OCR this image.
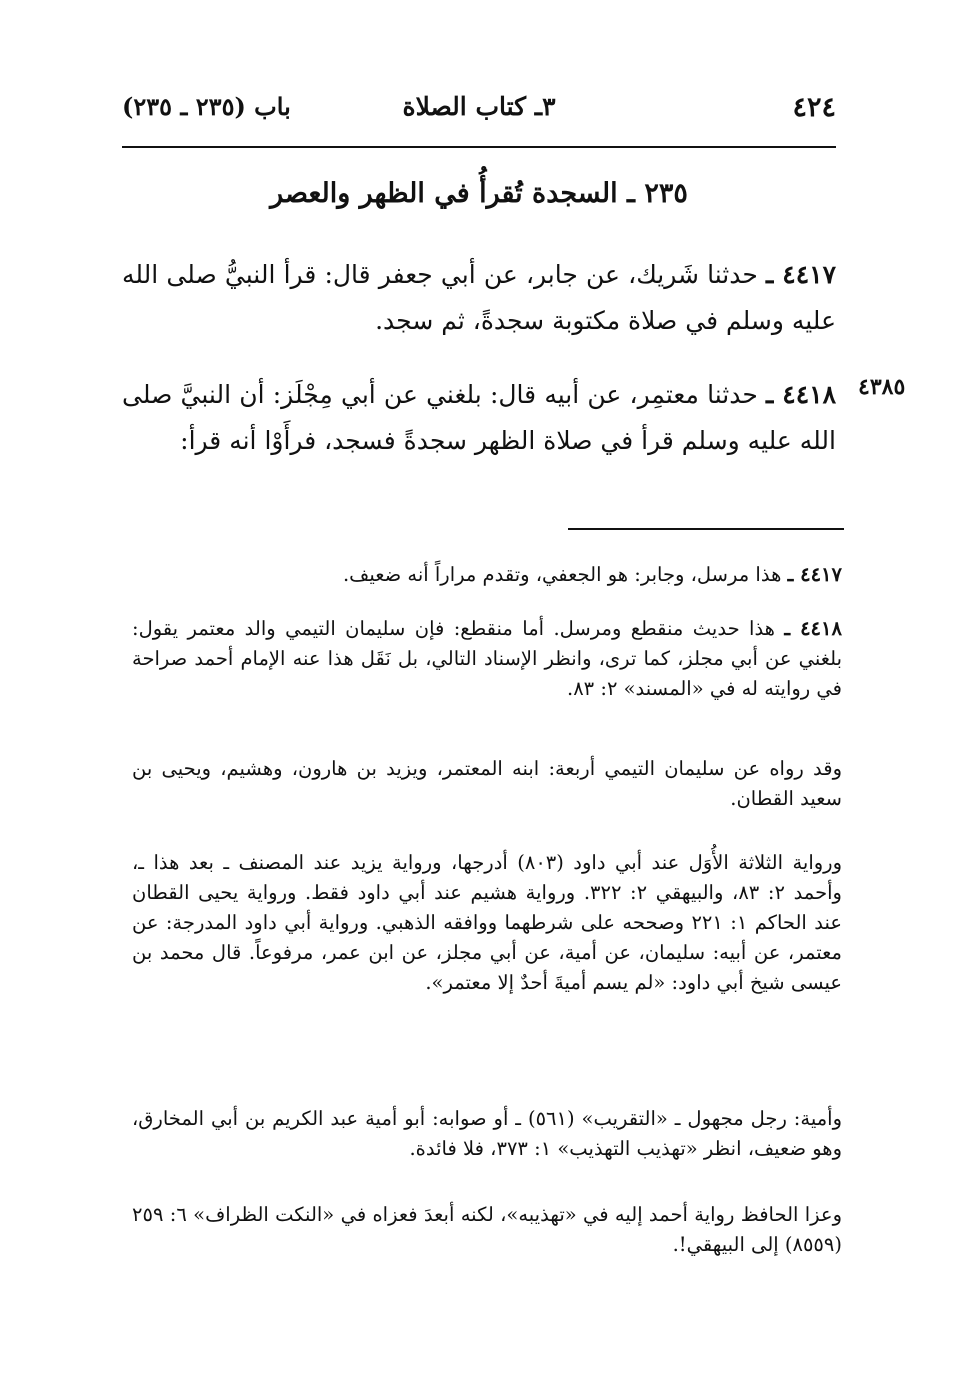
٤٢٤
٣ـ كتاب الصلاة
باب (٢٣٥ ـ ٢٣٥)
٢٣٥ ـ السجدة تُقرأُ في الظهر والعصر
٤٤١٧ ـ حدثنا شَريك، عن جابر، عن أبي جعفر قال: قرأ النبيُّ صلى الله عليه وسلم في صلاة مكتوبة سجدةً، ثم سجد.
٤٤١٨ ـ حدثنا معتمِر، عن أبيه قال: بلغني عن أبي مِجْلَز: أن النبيَّ صلى الله عليه وسلم قرأ في صلاة الظهر سجدةً فسجد، فرأَوْا أنه قرأ:
٤٣٨٥
٤٤١٧ ـ هذا مرسل، وجابر: هو الجعفي، وتقدم مراراً أنه ضعيف.
٤٤١٨ ـ هذا حديث منقطع ومرسل. أما منقطع: فإن سليمان التيمي والد معتمر يقول: بلغني عن أبي مجلز، كما ترى، وانظر الإسناد التالي، بل نَقَل هذا عنه الإمام أحمد صراحة في روايته له في «المسند» ٢: ٨٣.
وقد رواه عن سليمان التيمي أربعة: ابنه المعتمر، ويزيد بن هارون، وهشيم، ويحيى بن سعيد القطان.
ورواية الثلاثة الأُوَل عند أبي داود (٨٠٣) أدرجها، ورواية يزيد عند المصنف ـ بعد هذا ـ، وأحمد ٢: ٨٣، والبيهقي ٢: ٣٢٢. ورواية هشيم عند أبي داود فقط. ورواية يحيى القطان عند الحاكم ١: ٢٢١ وصححه على شرطهما ووافقه الذهبي. ورواية أبي داود المدرجة: عن معتمر، عن أبيه: سليمان، عن أمية، عن أبي مجلز، عن ابن عمر، مرفوعاً. قال محمد بن عيسى شيخ أبي داود: «لم يسم أميةَ أحدٌ إلا معتمر».
وأمية: رجل مجهول ـ «التقريب» (٥٦١) ـ أو صوابه: أبو أمية عبد الكريم بن أبي المخارق، وهو ضعيف، انظر «تهذيب التهذيب» ١: ٣٧٣، فلا فائدة.
وعزا الحافظ رواية أحمد إليه في «تهذيبه»، لكنه أبعدَ فعزاه في «النكت الظراف» ٦: ٢٥٩ (٨٥٥٩) إلى البيهقي!.
